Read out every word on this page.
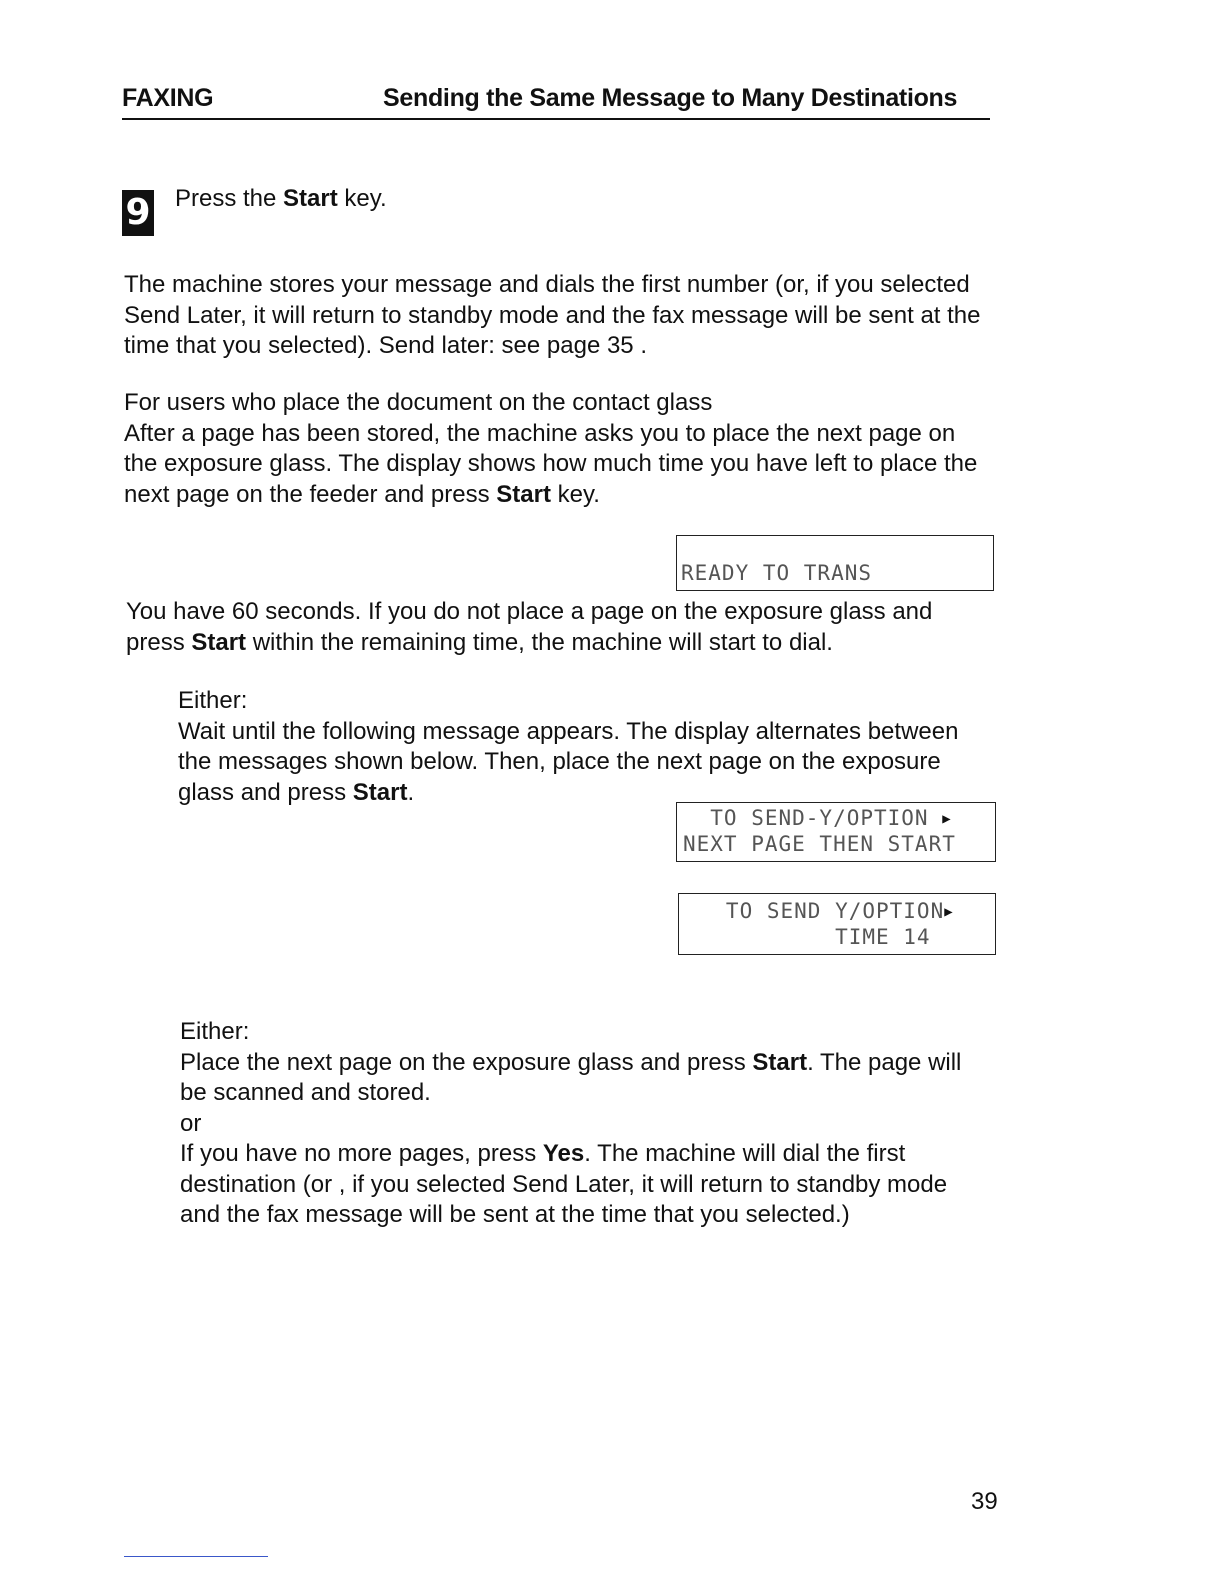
FAXING	Sending the Same Message to Many Destinations
9 Press the Start key.

The machine stores your message and dials the first number (or, if you selected Send Later, it will return to standby mode and the fax message will be sent at the time that you selected). Send later: see page 35 .

For users who place the document on the contact glass

After a page has been stored, the machine asks you to place the next page on the exposure glass. The display shows how much time you have left to place the next page on the feeder and press Start key.

READY TO TRANS

You have 60 seconds. If you do not place a page on the exposure glass and press Start within the remaining time, the machine will start to dial.

Either:

Wait until the following message appears. The display alternates between the messages shown below. Then, place the next page on the exposure glass and press Start.

TO SEND-Y/OPTION ▶
NEXT PAGE THEN START
TO SEND Y/OPTION▶
TIME 14

Either:

Place the next page on the exposure glass and press Start. The page will be scanned and stored.

or

If you have no more pages, press Yes. The machine will dial the first destination (or , if you selected Send Later, it will return to standby mode and the fax message will be sent at the time that you selected.)

39
